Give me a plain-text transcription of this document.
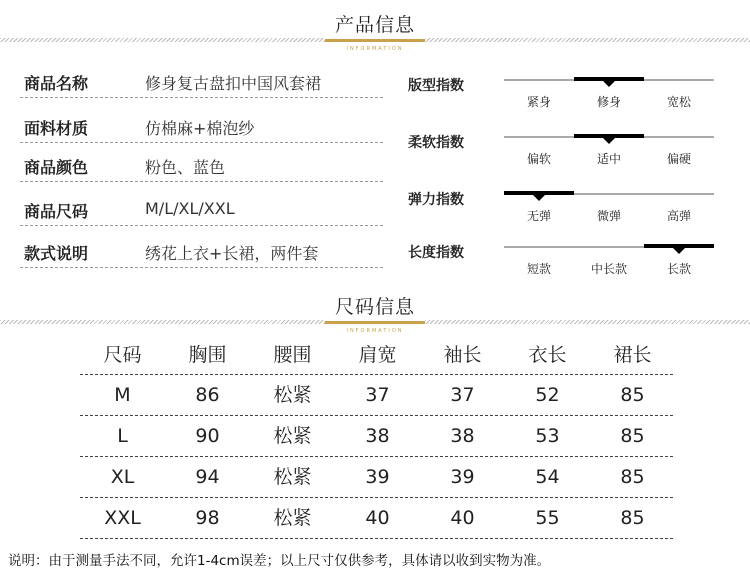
产品信息
INFORMATION
商品名称	修身复古盘扣中国风套裙
面料材质	仿棉麻+棉泡纱
商品颜色	粉色、蓝色
商品尺码	M/L/XL/XXL
款式说明	绣花上衣+长裙，两件套
版型指数
紧身	修身	宽松
柔软指数
偏软	适中	偏硬
弹力指数
无弹	微弹	高弹
长度指数
短款	中长款	长款
尺码信息
INFORMATION
尺码	胸围	腰围	肩宽	袖长	衣长	裙长
M	86	松紧	37	37	52	85
L	90	松紧	38	38	53	85
XL	94	松紧	39	39	54	85
XXL	98	松紧	40	40	55	85
说明：由于测量手法不同，允许1-4cm误差；以上尺寸仅供参考，具体请以收到实物为准。
